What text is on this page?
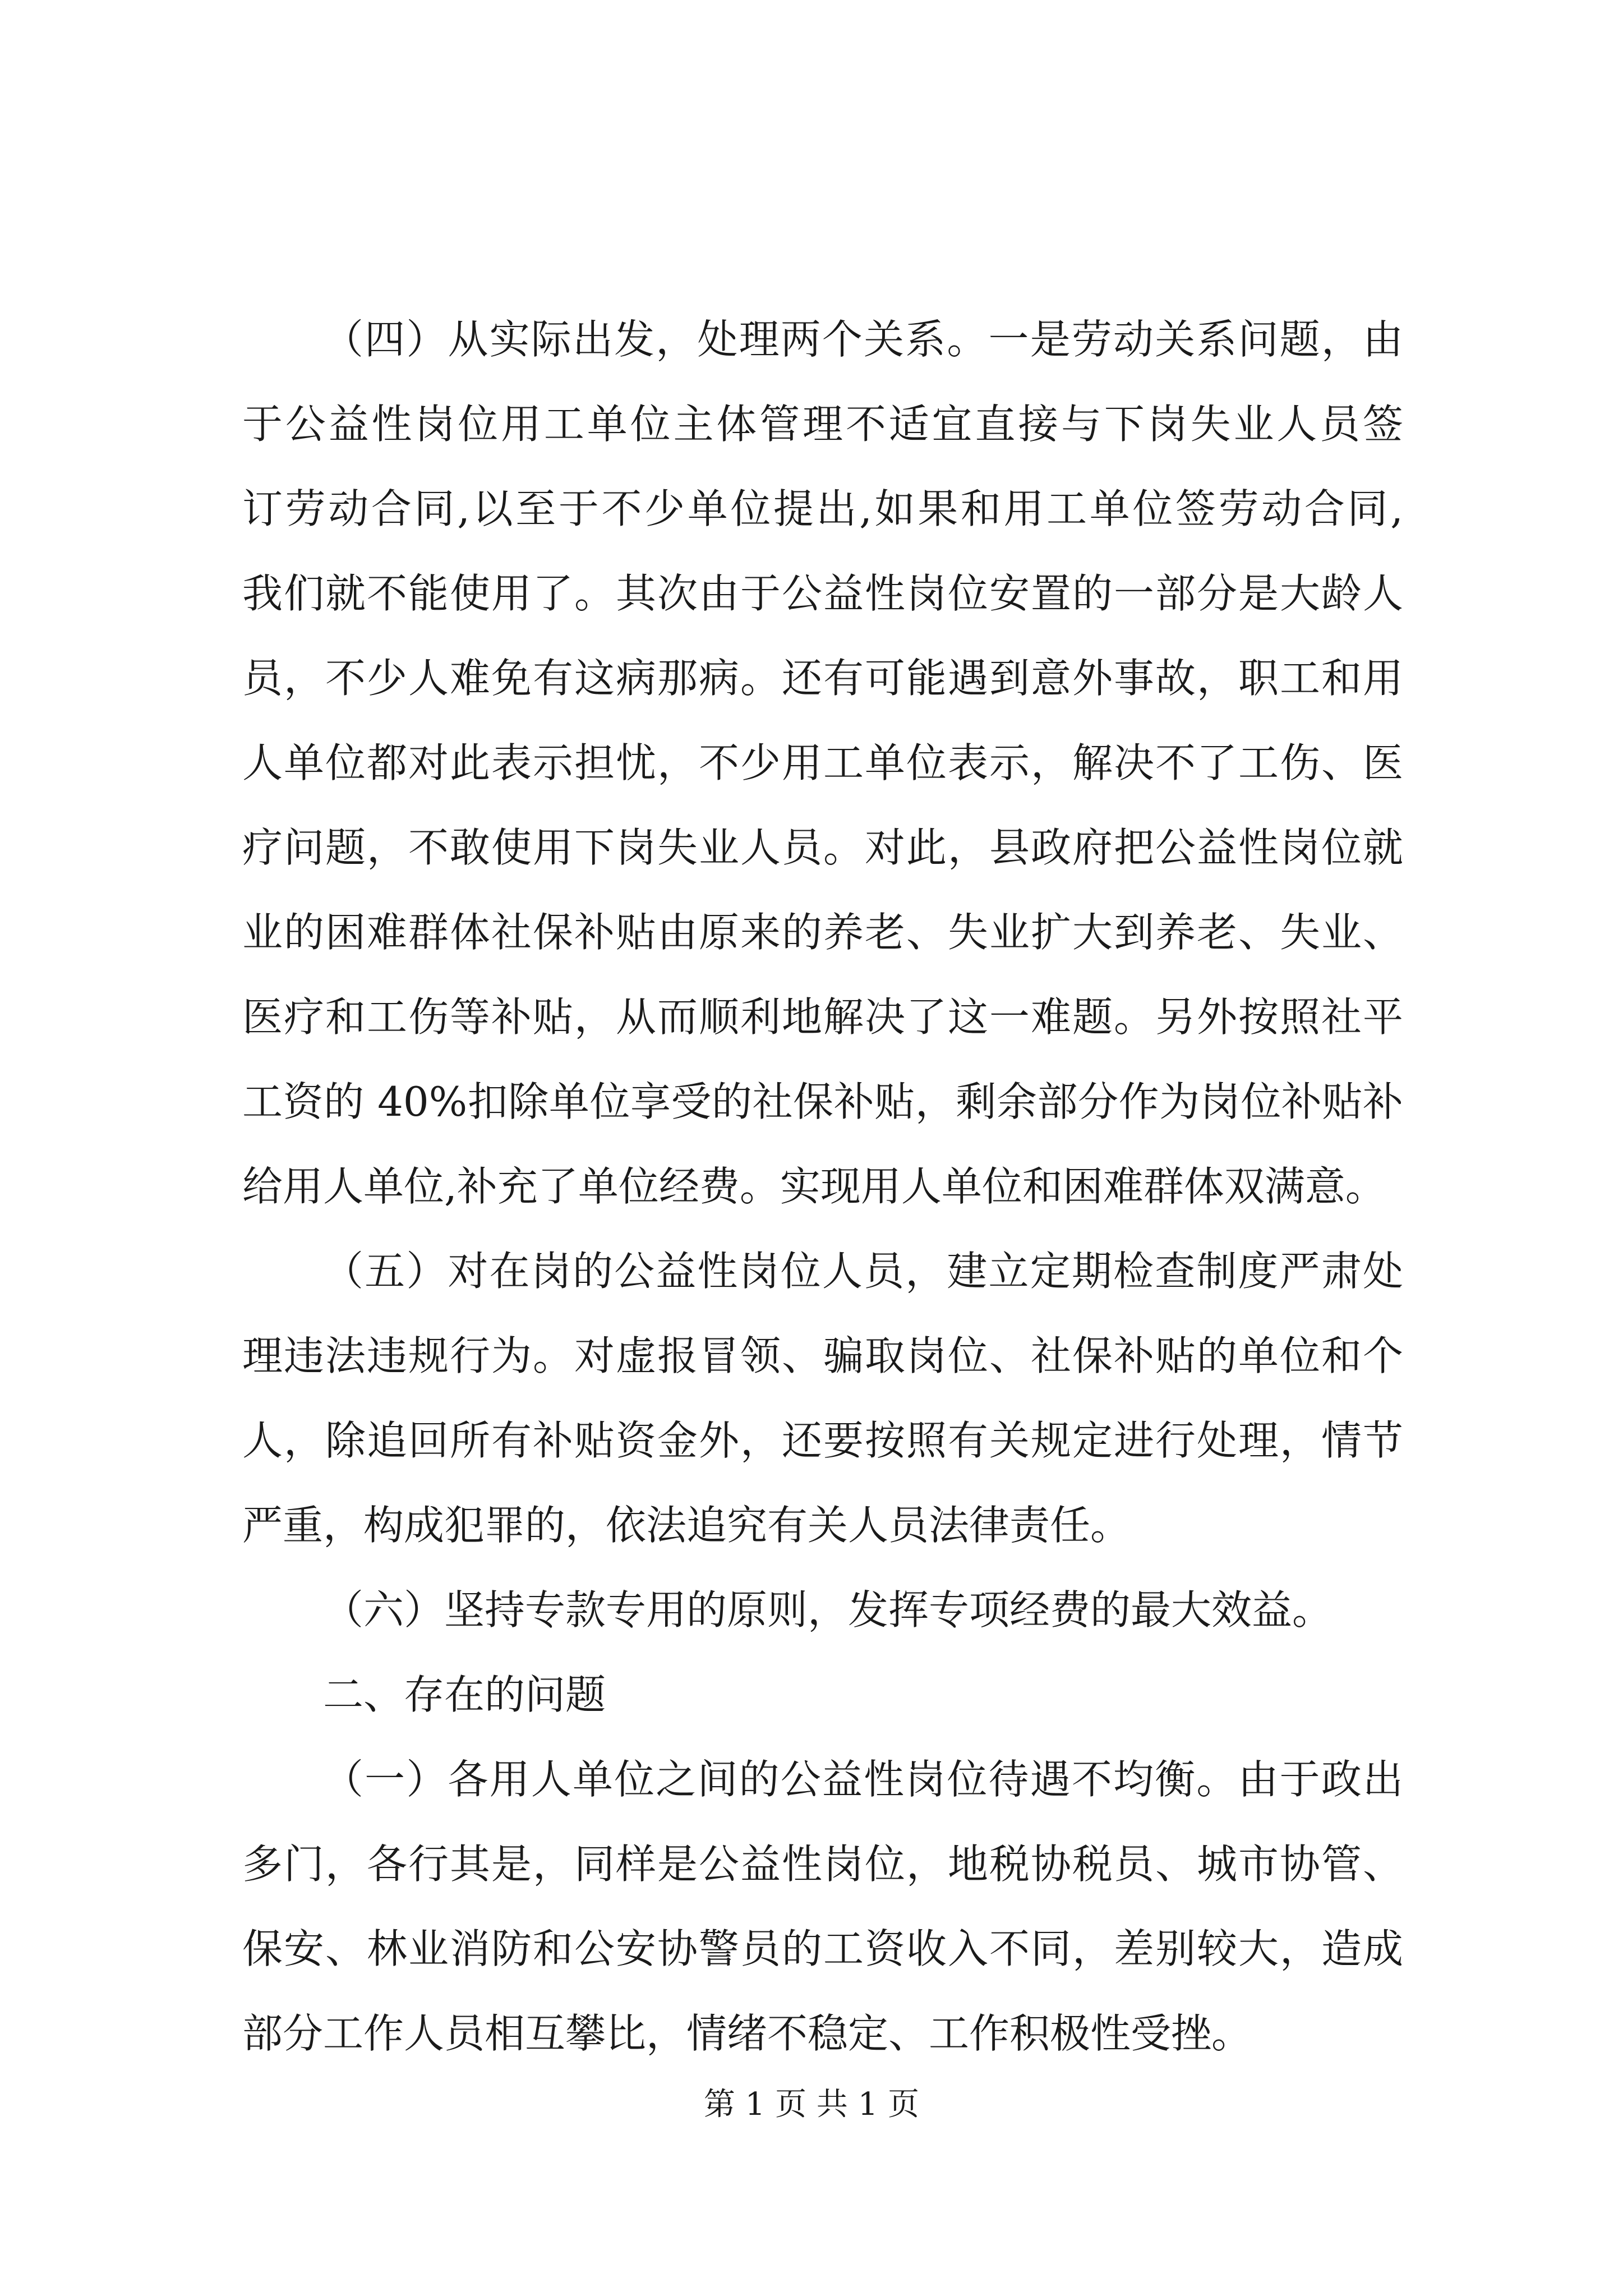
（四）从实际出发，处理两个关系。一是劳动关系问题，由
于公益性岗位用工单位主体管理不适宜直接与下岗失业人员签
订劳动合同,以至于不少单位提出,如果和用工单位签劳动合同,
我们就不能使用了。其次由于公益性岗位安置的一部分是大龄人
员，不少人难免有这病那病。还有可能遇到意外事故，职工和用
人单位都对此表示担忧，不少用工单位表示，解决不了工伤、医
疗问题，不敢使用下岗失业人员。对此，县政府把公益性岗位就
业的困难群体社保补贴由原来的养老、失业扩大到养老、失业、
医疗和工伤等补贴，从而顺利地解决了这一难题。另外按照社平
工资的 40%扣除单位享受的社保补贴，剩余部分作为岗位补贴补
给用人单位,补充了单位经费。实现用人单位和困难群体双满意。
（五）对在岗的公益性岗位人员，建立定期检查制度严肃处
理违法违规行为。对虚报冒领、骗取岗位、社保补贴的单位和个
人，除追回所有补贴资金外，还要按照有关规定进行处理，情节
严重，构成犯罪的，依法追究有关人员法律责任。
（六）坚持专款专用的原则，发挥专项经费的最大效益。
二、存在的问题
（一）各用人单位之间的公益性岗位待遇不均衡。由于政出
多门，各行其是，同样是公益性岗位，地税协税员、城市协管、
保安、林业消防和公安协警员的工资收入不同，差别较大，造成
部分工作人员相互攀比，情绪不稳定、工作积极性受挫。
第 1 页 共 1 页
